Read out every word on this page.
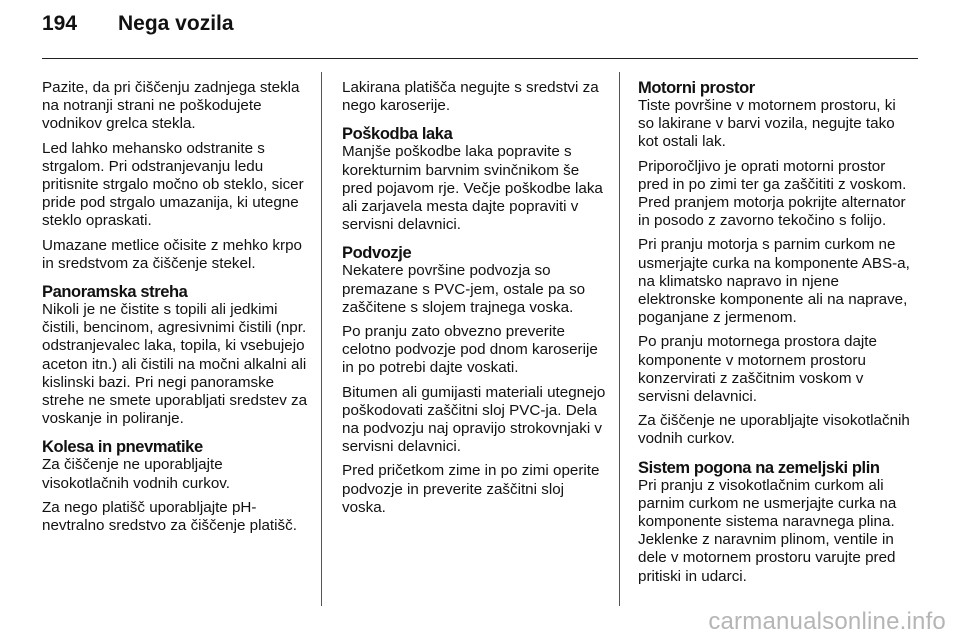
194 Nega vozila

Pazite, da pri čiščenju zadnjega stekla na notranji strani ne poškodujete vodnikov grelca stekla.

Led lahko mehansko odstranite s strgalom. Pri odstranjevanju ledu pritisnite strgalo močno ob steklo, sicer pride pod strgalo umazanija, ki utegne steklo opraskati.

Umazane metlice očisite z mehko krpo in sredstvom za čiščenje stekel.

Panoramska streha

Nikoli je ne čistite s topili ali jedkimi čistili, bencinom, agresivnimi čistili (npr. odstranjevalec laka, topila, ki vsebujejo aceton itn.) ali čistili na močni alkalni ali kislinski bazi. Pri negi panoramske strehe ne smete uporabljati sredstev za voskanje in poliranje.

Kolesa in pnevmatike

Za čiščenje ne uporabljajte visokotlačnih vodnih curkov.

Za nego platišč uporabljajte pH-nevtralno sredstvo za čiščenje platišč.

Lakirana platišča negujte s sredstvi za nego karoserije.

Poškodba laka

Manjše poškodbe laka popravite s korekturnim barvnim svinčnikom še pred pojavom rje. Večje poškodbe laka ali zarjavela mesta dajte popraviti v servisni delavnici.

Podvozje

Nekatere površine podvozja so premazane s PVC-jem, ostale pa so zaščitene s slojem trajnega voska.

Po pranju zato obvezno preverite celotno podvozje pod dnom karoserije in po potrebi dajte voskati.

Bitumen ali gumijasti materiali utegnejo poškodovati zaščitni sloj PVC-ja. Dela na podvozju naj opravijo strokovnjaki v servisni delavnici.

Pred pričetkom zime in po zimi operite podvozje in preverite zaščitni sloj voska.

Motorni prostor

Tiste površine v motornem prostoru, ki so lakirane v barvi vozila, negujte tako kot ostali lak.

Priporočljivo je oprati motorni prostor pred in po zimi ter ga zaščititi z voskom. Pred pranjem motorja pokrijte alternator in posodo z zavorno tekočino s folijo.

Pri pranju motorja s parnim curkom ne usmerjajte curka na komponente ABS-a, na klimatsko napravo in njene elektronske komponente ali na naprave, poganjane z jermenom.

Po pranju motornega prostora dajte komponente v motornem prostoru konzervirati z zaščitnim voskom v servisni delavnici.

Za čiščenje ne uporabljajte visokotlačnih vodnih curkov.

Sistem pogona na zemeljski plin

Pri pranju z visokotlačnim curkom ali parnim curkom ne usmerjajte curka na komponente sistema naravnega plina. Jeklenke z naravnim plinom, ventile in dele v motornem prostoru varujte pred pritiski in udarci.

carmanualsonline.info
